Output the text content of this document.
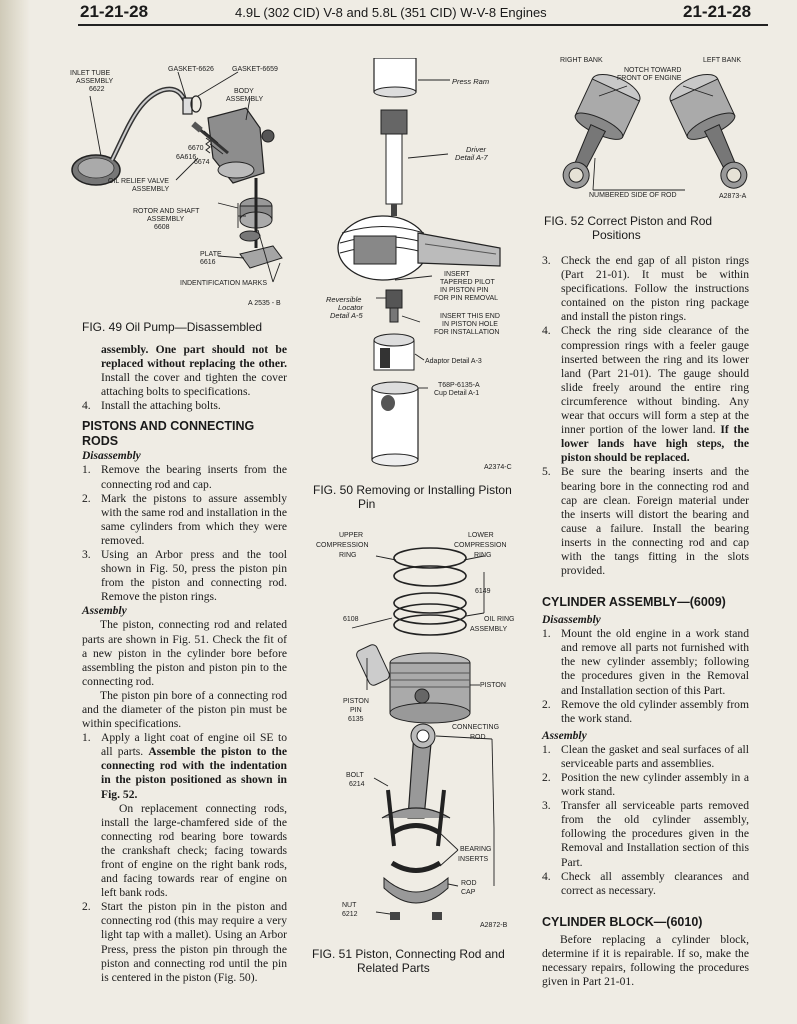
21-21-28	4.9L (302 CID) V-8 and 5.8L (351 CID) W-V-8 Engines	21-21-28
INLET TUBE
ASSEMBLY
6622
GASKET-6626	GASKET-6659
BODY
ASSEMBLY
6670
6A616
6674
OIL RELIEF VALVE
ASSEMBLY
ROTOR AND SHAFT
ASSEMBLY
6608
PLATE
6616
INDENTIFICATION MARKS
A 2535 - B
FIG. 49 Oil Pump—Disassembled

assembly. One part should not be replaced without replacing the other. Install the cover and tighten the cover attaching bolts to specifications.

4. Install the attaching bolts.
PISTONS AND CONNECTING
RODS
Disassembly
1. Remove the bearing inserts from the connecting rod and cap.
2. Mark the pistons to assure assembly with the same rod and installation in the same cylinders from which they were removed.
3. Using an Arbor press and the tool shown in Fig. 50, press the piston pin from the piston and connecting rod. Remove the piston rings.
Assembly

The piston, connecting rod and related parts are shown in Fig. 51. Check the fit of a new piston in the cylinder bore before assembling the piston and piston pin to the connecting rod.

The piston pin bore of a connecting rod and the diameter of the piston pin must be within specifications.

1. Apply a light coat of engine oil SE to all parts. Assemble the piston to the connecting rod with the indentation in the piston positioned as shown in Fig. 52.

On replacement connecting rods, install the large-chamfered side of the connecting rod bearing bore towards the crankshaft check; facing towards front of engine on the right bank rods, and facing towards rear of engine on left bank rods.

2. Start the piston pin in the piston and connecting rod (this may require a very light tap with a mallet). Using an Arbor Press, press the piston pin through the piston and connecting rod until the pin is centered in the piston (Fig. 50).
Press Ram
Driver
Detail A-7
INSERT
TAPERED PILOT
IN PISTON PIN
FOR PIN REMOVAL
Reversible
Locator
Detail A-5	INSERT THIS END
IN PISTON HOLE
FOR INSTALLATION
Adaptor Detail A-3
T68P-6135-A
Cup Detail A-1
A2374-C
FIG. 50 Removing or Installing Piston
Pin
UPPER
COMPRESSION
RING
LOWER
COMPRESSION
RING
6149
6108	OIL RING
ASSEMBLY
PISTON
PISTON
PIN
6135
CONNECTING
ROD
BOLT
6214
BEARING
INSERTS
ROD
CAP
NUT
6212
A2872-B
FIG. 51 Piston, Connecting Rod and
Related Parts
RIGHT BANK	LEFT BANK
NOTCH TOWARD
FRONT OF ENGINE
NUMBERED SIDE OF ROD	A2873-A
FIG. 52 Correct Piston and Rod
Positions
3. Check the end gap of all piston rings (Part 21-01). It must be within specifications. Follow the instructions contained on the piston ring package and install the piston rings.
4. Check the ring side clearance of the compression rings with a feeler gauge inserted between the ring and its lower land (Part 21-01). The gauge should slide freely around the entire ring circumference without binding. Any wear that occurs will form a step at the inner portion of the lower land. If the lower lands have high steps, the piston should be replaced.
5. Be sure the bearing inserts and the bearing bore in the connecting rod and cap are clean. Foreign material under the inserts will distort the bearing and cause a failure. Install the bearing inserts in the connecting rod and cap with the tangs fitting in the slots provided.
CYLINDER ASSEMBLY—(6009)
Disassembly
1. Mount the old engine in a work stand and remove all parts not furnished with the new cylinder assembly; following the procedures given in the Removal and Installation section of this Part.
2. Remove the old cylinder assembly from the work stand.
Assembly
1. Clean the gasket and seal surfaces of all serviceable parts and assemblies.
2. Position the new cylinder assembly in a work stand.
3. Transfer all serviceable parts removed from the old cylinder assembly, following the procedures given in the Removal and Installation section of this Part.
4. Check all assembly clearances and correct as necessary.
CYLINDER BLOCK—(6010)

Before replacing a cylinder block, determine if it is repairable. If so, make the necessary repairs, following the procedures given in Part 21-01.
